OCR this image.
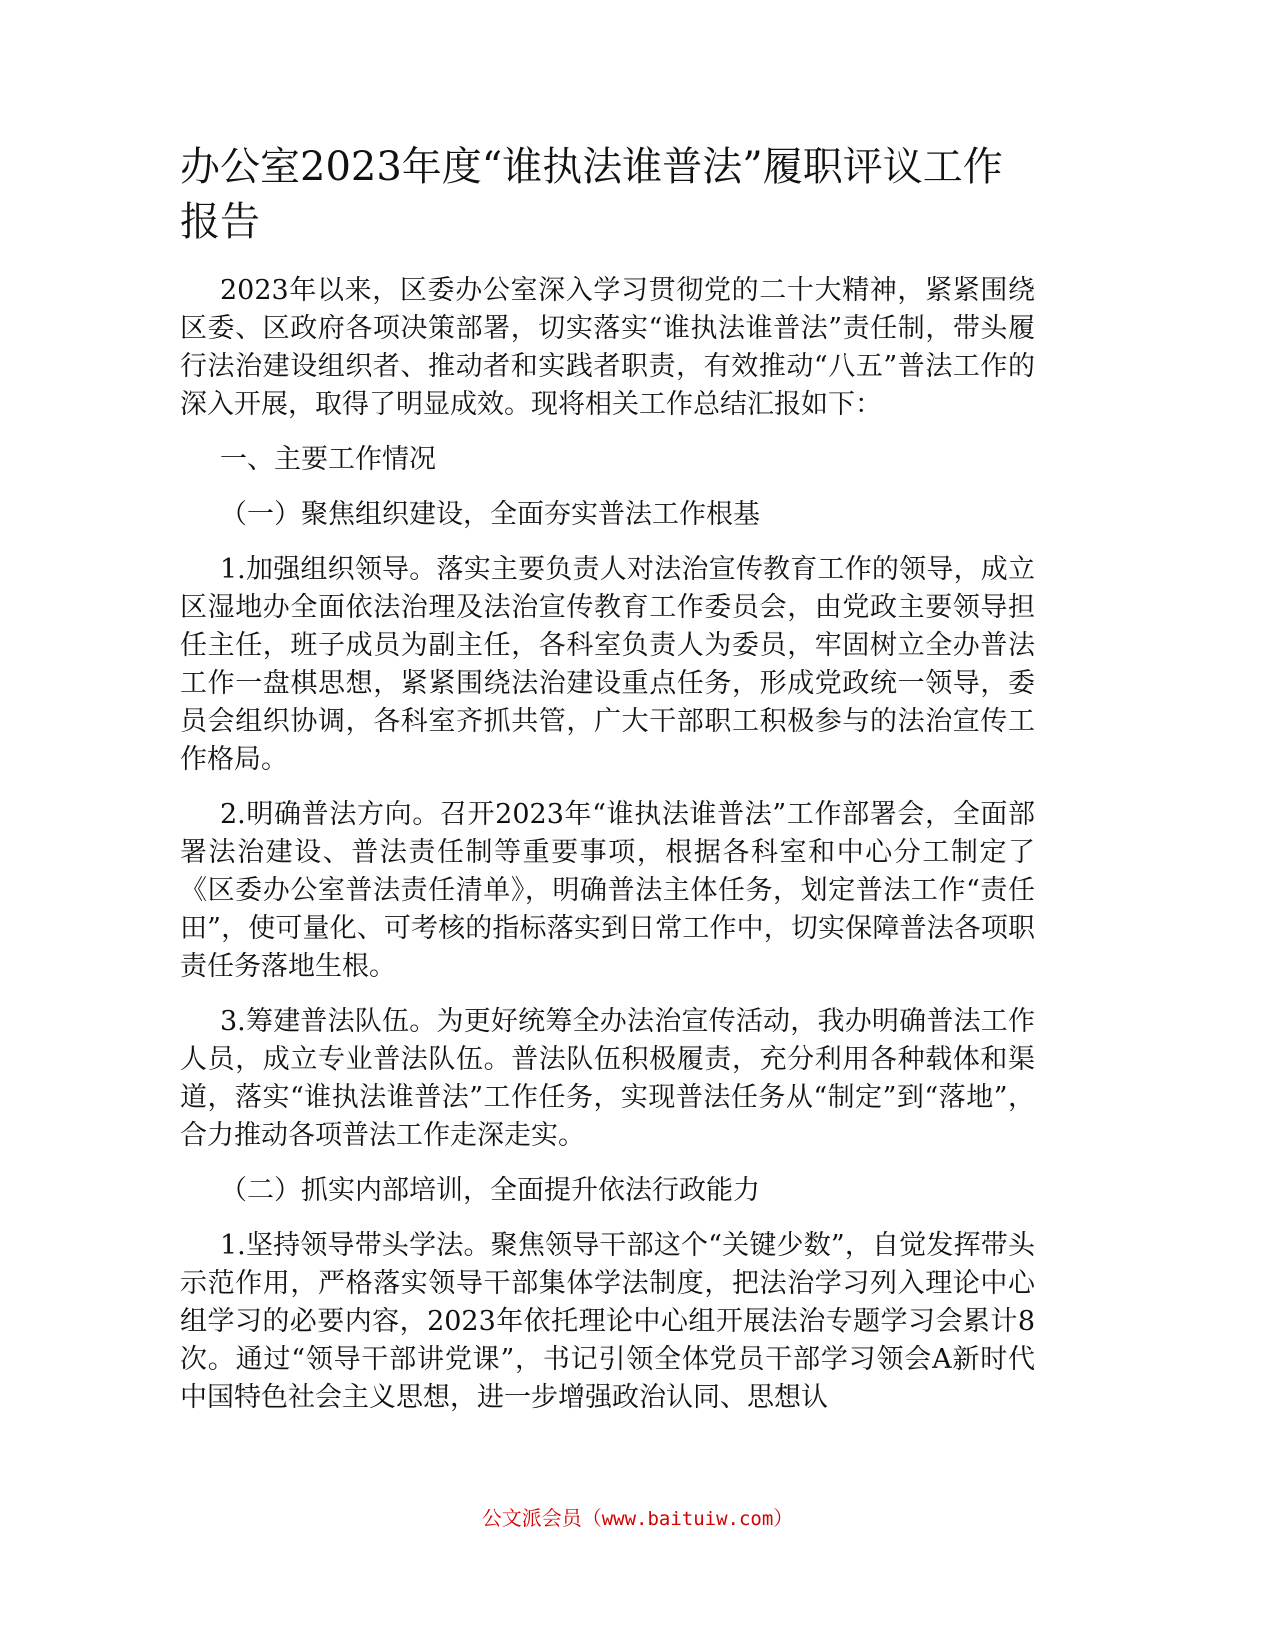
办公室2023年度“谁执法谁普法”履职评议工作报告

2023年以来，区委办公室深入学习贯彻党的二十大精神，紧紧围绕区委、区政府各项决策部署，切实落实“谁执法谁普法”责任制，带头履行法治建设组织者、推动者和实践者职责，有效推动“八五”普法工作的深入开展，取得了明显成效。现将相关工作总结汇报如下：

一、主要工作情况

（一）聚焦组织建设，全面夯实普法工作根基

1.加强组织领导。落实主要负责人对法治宣传教育工作的领导，成立区湿地办全面依法治理及法治宣传教育工作委员会，由党政主要领导担任主任，班子成员为副主任，各科室负责人为委员，牢固树立全办普法工作一盘棋思想，紧紧围绕法治建设重点任务，形成党政统一领导，委员会组织协调，各科室齐抓共管，广大干部职工积极参与的法治宣传工作格局。

2.明确普法方向。召开2023年“谁执法谁普法”工作部署会，全面部署法治建设、普法责任制等重要事项，根据各科室和中心分工制定了《区委办公室普法责任清单》，明确普法主体任务，划定普法工作“责任田”，使可量化、可考核的指标落实到日常工作中，切实保障普法各项职责任务落地生根。

3.筹建普法队伍。为更好统筹全办法治宣传活动，我办明确普法工作人员，成立专业普法队伍。普法队伍积极履责，充分利用各种载体和渠道，落实“谁执法谁普法”工作任务，实现普法任务从“制定”到“落地”，合力推动各项普法工作走深走实。

（二）抓实内部培训，全面提升依法行政能力

1.坚持领导带头学法。聚焦领导干部这个“关键少数”，自觉发挥带头示范作用，严格落实领导干部集体学法制度，把法治学习列入理论中心组学习的必要内容，2023年依托理论中心组开展法治专题学习会累计8次。通过“领导干部讲党课”，书记引领全体党员干部学习领会A新时代中国特色社会主义思想，进一步增强政治认同、思想认

公文派会员（www.baituiw.com）
